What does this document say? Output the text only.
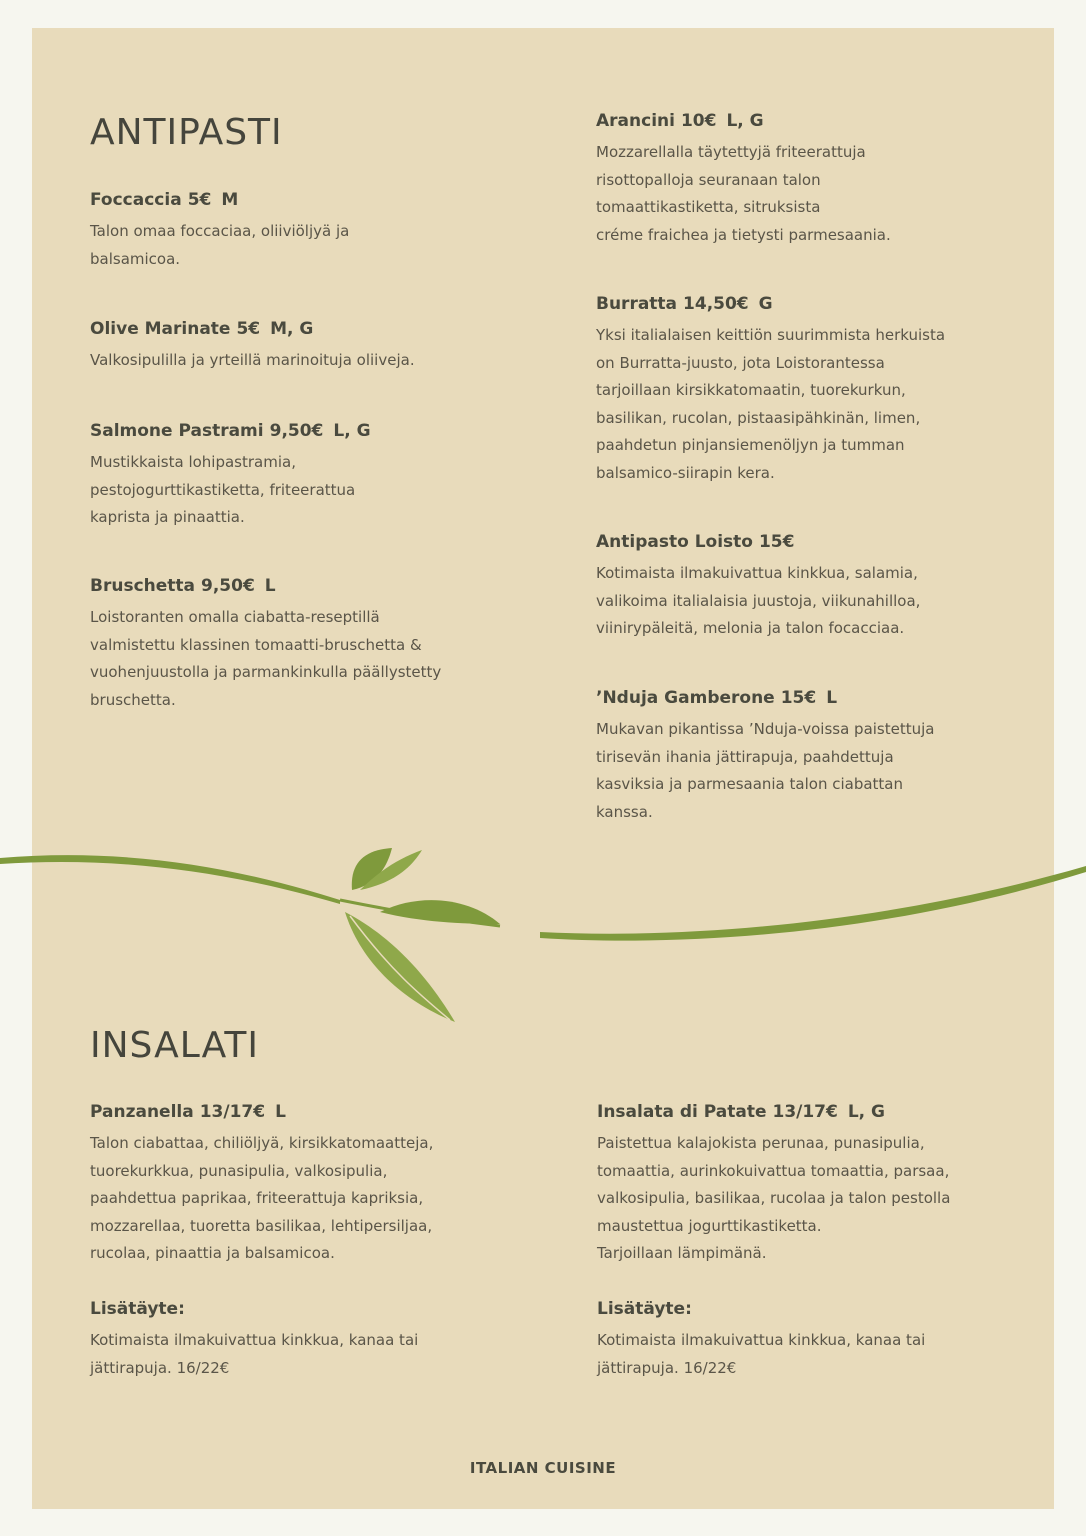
ANTIPASTI

Foccaccia 5€ M

Talon omaa foccaciaa, oliiviöljyä ja
balsamicoa.

Olive Marinate 5€ M, G

Valkosipulilla ja yrteillä marinoituja oliiveja.

Salmone Pastrami 9,50€ L, G

Mustikkaista lohipastramia,
pestojogurttikastiketta, friteerattua
kaprista ja pinaattia.

Bruschetta 9,50€ L

Loistoranten omalla ciabatta-reseptillä
valmistettu klassinen tomaatti-bruschetta &
vuohenjuustolla ja parmankinkulla päällystetty
bruschetta.

Arancini 10€ L, G

Mozzarellalla täytettyjä friteerattuja
risottopalloja seuranaan talon
tomaattikastiketta, sitruksista
créme fraichea ja tietysti parmesaania.

Burratta 14,50€ G

Yksi italialaisen keittiön suurimmista herkuista
on Burratta-juusto, jota Loistorantessa
tarjoillaan kirsikkatomaatin, tuorekurkun,
basilikan, rucolan, pistaasipähkinän, limen,
paahdetun pinjansiemenöljyn ja tumman
balsamico-siirapin kera.

Antipasto Loisto 15€

Kotimaista ilmakuivattua kinkkua, salamia,
valikoima italialaisia juustoja, viikunahilloa,
viinirypäleitä, melonia ja talon focacciaa.

’Nduja Gamberone 15€ L

Mukavan pikantissa ’Nduja-voissa paistettuja
tirisevän ihania jättirapuja, paahdettuja
kasviksia ja parmesaania talon ciabattan
kanssa.

INSALATI

Panzanella 13/17€ L

Talon ciabattaa, chiliöljyä, kirsikkatomaatteja,
tuorekurkkua, punasipulia, valkosipulia,
paahdettua paprikaa, friteerattuja kapriksia,
mozzarellaa, tuoretta basilikaa, lehtipersiljaa,
rucolaa, pinaattia ja balsamicoa.

Lisätäyte:

Kotimaista ilmakuivattua kinkkua, kanaa tai
jättirapuja. 16/22€

Insalata di Patate 13/17€ L, G

Paistettua kalajokista perunaa, punasipulia,
tomaattia, aurinkokuivattua tomaattia, parsaa,
valkosipulia, basilikaa, rucolaa ja talon pestolla
maustettua jogurttikastiketta.
Tarjoillaan lämpimänä.

Lisätäyte:

Kotimaista ilmakuivattua kinkkua, kanaa tai
jättirapuja. 16/22€

ITALIAN CUISINE
